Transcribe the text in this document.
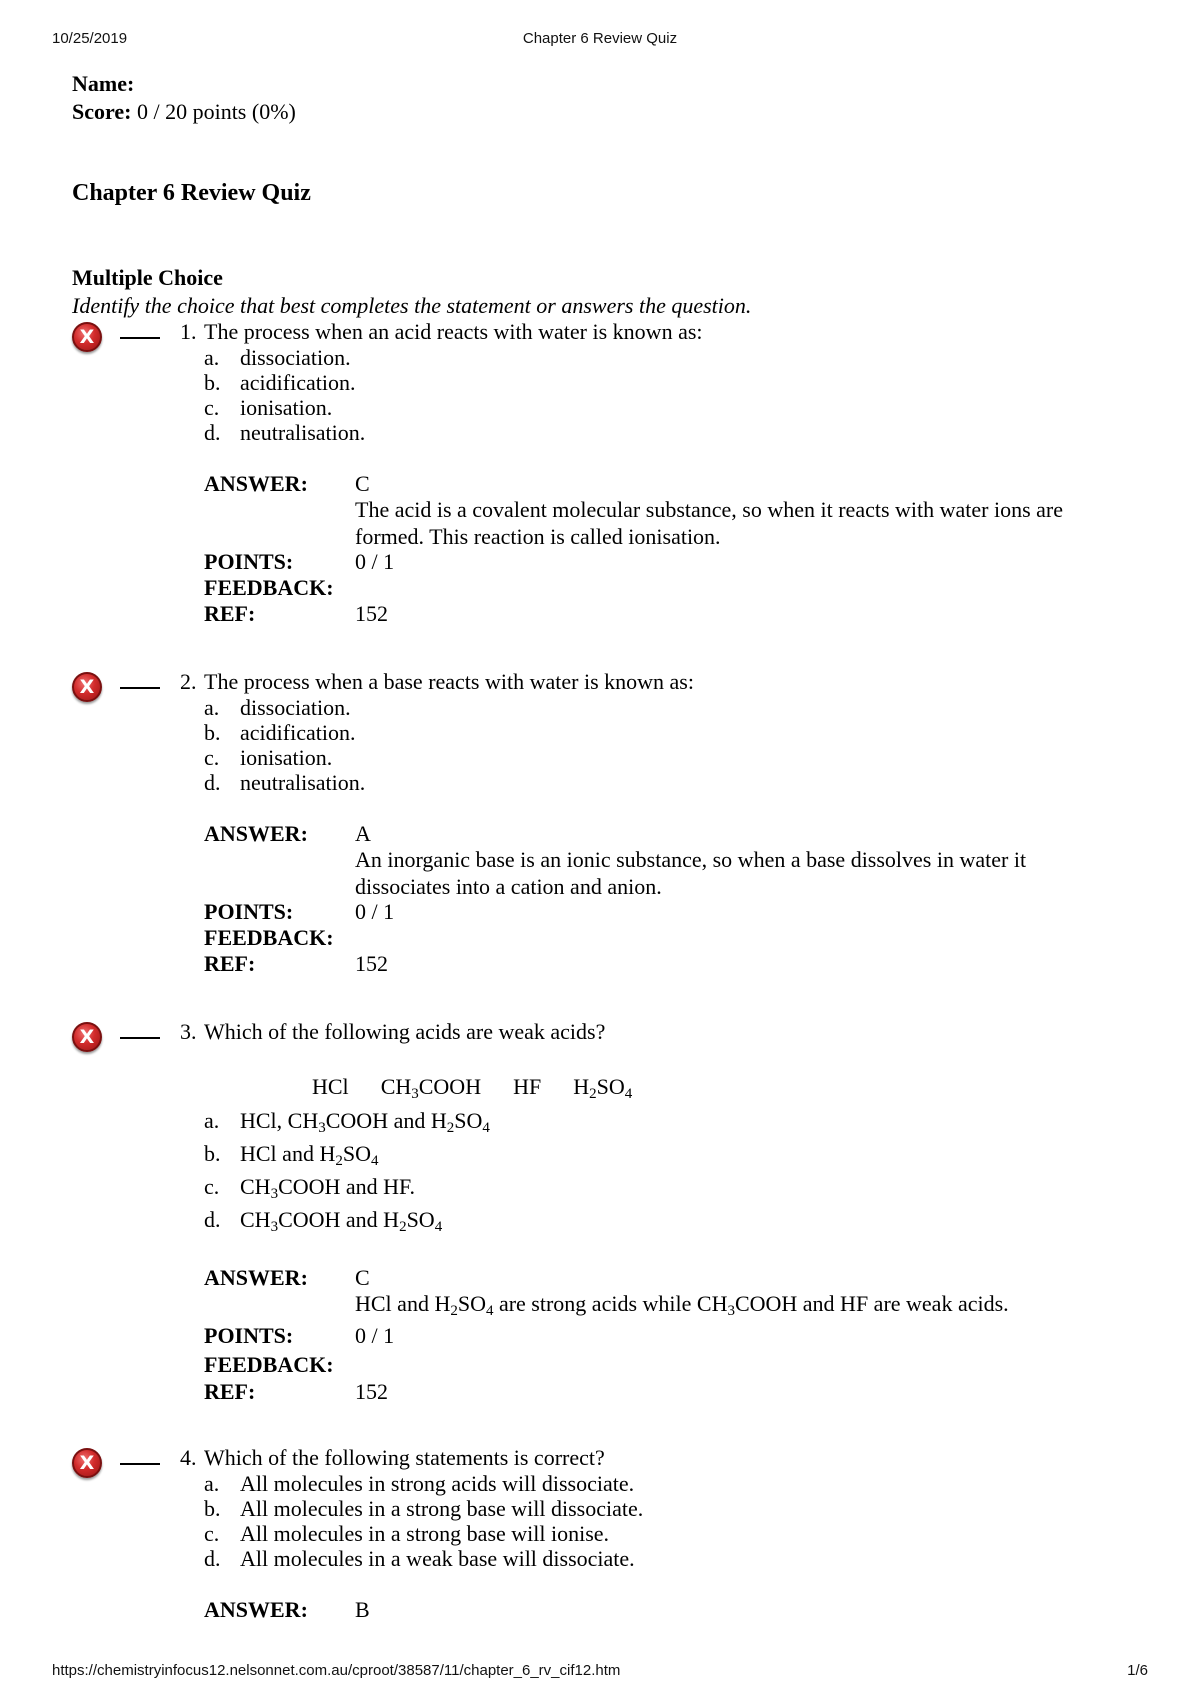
10/25/2019	Chapter 6 Review Quiz
Name:
Score: 0 / 20 points (0%)
Chapter 6 Review Quiz
Multiple Choice
Identify the choice that best completes the statement or answers the question.
X	1. The process when an acid reacts with water is known as:
a. dissociation.
b. acidification.
c. ionisation.
d. neutralisation.
ANSWER: C
The acid is a covalent molecular substance, so when it reacts with water ions are formed. This reaction is called ionisation.
POINTS:	0 / 1
FEEDBACK:
REF:	152
X	2. The process when a base reacts with water is known as:
a. dissociation.
b. acidification.
c. ionisation.
d. neutralisation.
ANSWER: A
An inorganic base is an ionic substance, so when a base dissolves in water it dissociates into a cation and anion.
POINTS:	0 / 1
FEEDBACK:
REF:	152
X	3. Which of the following acids are weak acids?
HCl $CH_3COOH$ HF $H_2SO_4$
a. HCl, $CH_3COOH$ and $H_2SO_4$
b. HCl and $H_2SO_4$
c. $CH_3COOH$ and HF.
d. $CH_3COOH$ and $H_2SO_4$
ANSWER: C
HCl and $H_2SO_4$ are strong acids while $CH_3COOH$ and HF are weak acids.
POINTS:	0 / 1
FEEDBACK:
REF:	152
X	4. Which of the following statements is correct?
a. All molecules in strong acids will dissociate.
b. All molecules in a strong base will dissociate.
c. All molecules in a strong base will ionise.
d. All molecules in a weak base will dissociate.
ANSWER: B
https://chemistryinfocus12.nelsonnet.com.au/cproot/38587/11/chapter_6_rv_cif12.htm	1/6
